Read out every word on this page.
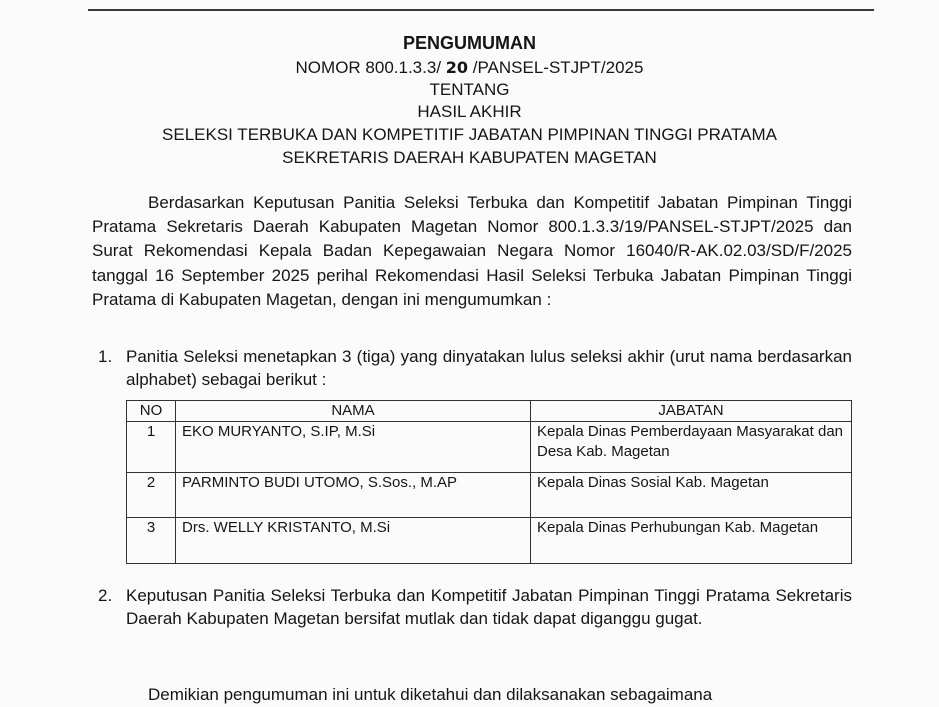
PENGUMUMAN
NOMOR 800.1.3.3/ 20 /PANSEL-STJPT/2025
TENTANG
HASIL AKHIR
SELEKSI TERBUKA DAN KOMPETITIF JABATAN PIMPINAN TINGGI PRATAMA
SEKRETARIS DAERAH KABUPATEN MAGETAN
Berdasarkan Keputusan Panitia Seleksi Terbuka dan Kompetitif Jabatan Pimpinan Tinggi Pratama Sekretaris Daerah Kabupaten Magetan Nomor 800.1.3.3/19/PANSEL-STJPT/2025 dan Surat Rekomendasi Kepala Badan Kepegawaian Negara Nomor 16040/R-AK.02.03/SD/F/2025 tanggal 16 September 2025 perihal Rekomendasi Hasil Seleksi Terbuka Jabatan Pimpinan Tinggi Pratama di Kabupaten Magetan, dengan ini mengumumkan :
1. Panitia Seleksi menetapkan 3 (tiga) yang dinyatakan lulus seleksi akhir (urut nama berdasarkan alphabet) sebagai berikut :
NO	NAMA	JABATAN
1	EKO MURYANTO, S.IP, M.Si	Kepala Dinas Pemberdayaan Masyarakat dan Desa Kab. Magetan
2	PARMINTO BUDI UTOMO, S.Sos., M.AP	Kepala Dinas Sosial Kab. Magetan
3	Drs. WELLY KRISTANTO, M.Si	Kepala Dinas Perhubungan Kab. Magetan
2. Keputusan Panitia Seleksi Terbuka dan Kompetitif Jabatan Pimpinan Tinggi Pratama Sekretaris Daerah Kabupaten Magetan bersifat mutlak dan tidak dapat diganggu gugat.
Demikian pengumuman ini untuk diketahui dan dilaksanakan sebagaimana
